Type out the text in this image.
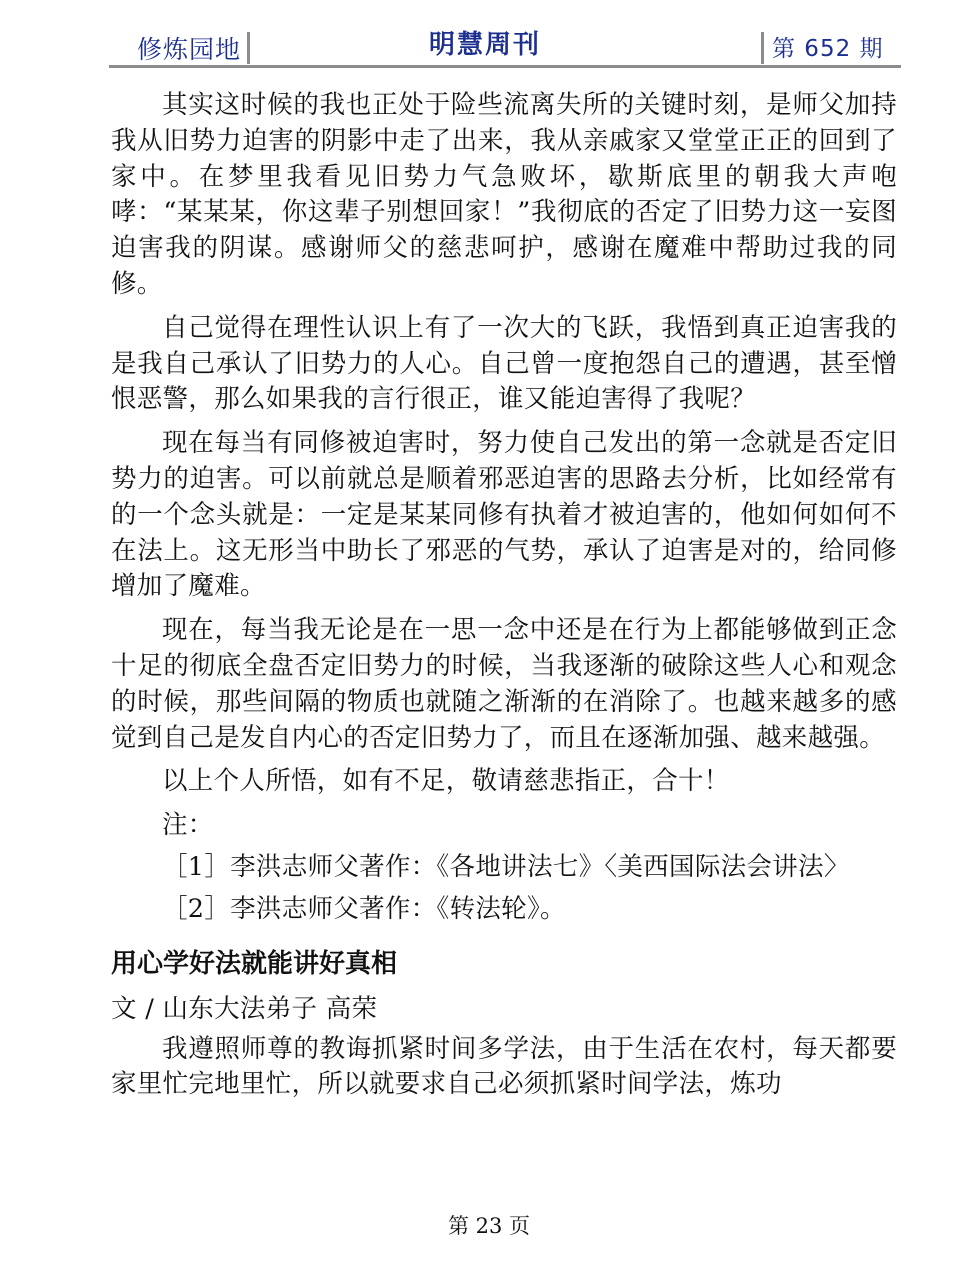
修炼园地	明慧周刊	第 652 期

其实这时候的我也正处于险些流离失所的关键时刻，是师父加持我从旧势力迫害的阴影中走了出来，我从亲戚家又堂堂正正的回到了家中。在梦里我看见旧势力气急败坏，歇斯底里的朝我大声咆哮：“某某某，你这辈子别想回家！”我彻底的否定了旧势力这一妄图迫害我的阴谋。感谢师父的慈悲呵护，感谢在魔难中帮助过我的同修。

自己觉得在理性认识上有了一次大的飞跃，我悟到真正迫害我的是我自己承认了旧势力的人心。自己曾一度抱怨自己的遭遇，甚至憎恨恶警，那么如果我的言行很正，谁又能迫害得了我呢？

现在每当有同修被迫害时，努力使自己发出的第一念就是否定旧势力的迫害。可以前就总是顺着邪恶迫害的思路去分析，比如经常有的一个念头就是：一定是某某同修有执着才被迫害的，他如何如何不在法上。这无形当中助长了邪恶的气势，承认了迫害是对的，给同修增加了魔难。

现在，每当我无论是在一思一念中还是在行为上都能够做到正念十足的彻底全盘否定旧势力的时候，当我逐渐的破除这些人心和观念的时候，那些间隔的物质也就随之渐渐的在消除了。也越来越多的感觉到自己是发自内心的否定旧势力了，而且在逐渐加强、越来越强。

以上个人所悟，如有不足，敬请慈悲指正，合十！

注：

［1］李洪志师父著作：《各地讲法七》〈美西国际法会讲法〉

［2］李洪志师父著作：《转法轮》。

用心学好法就能讲好真相

文 / 山东大法弟子 高荣

我遵照师尊的教诲抓紧时间多学法，由于生活在农村，每天都要家里忙完地里忙，所以就要求自己必须抓紧时间学法，炼功

第 23 页
